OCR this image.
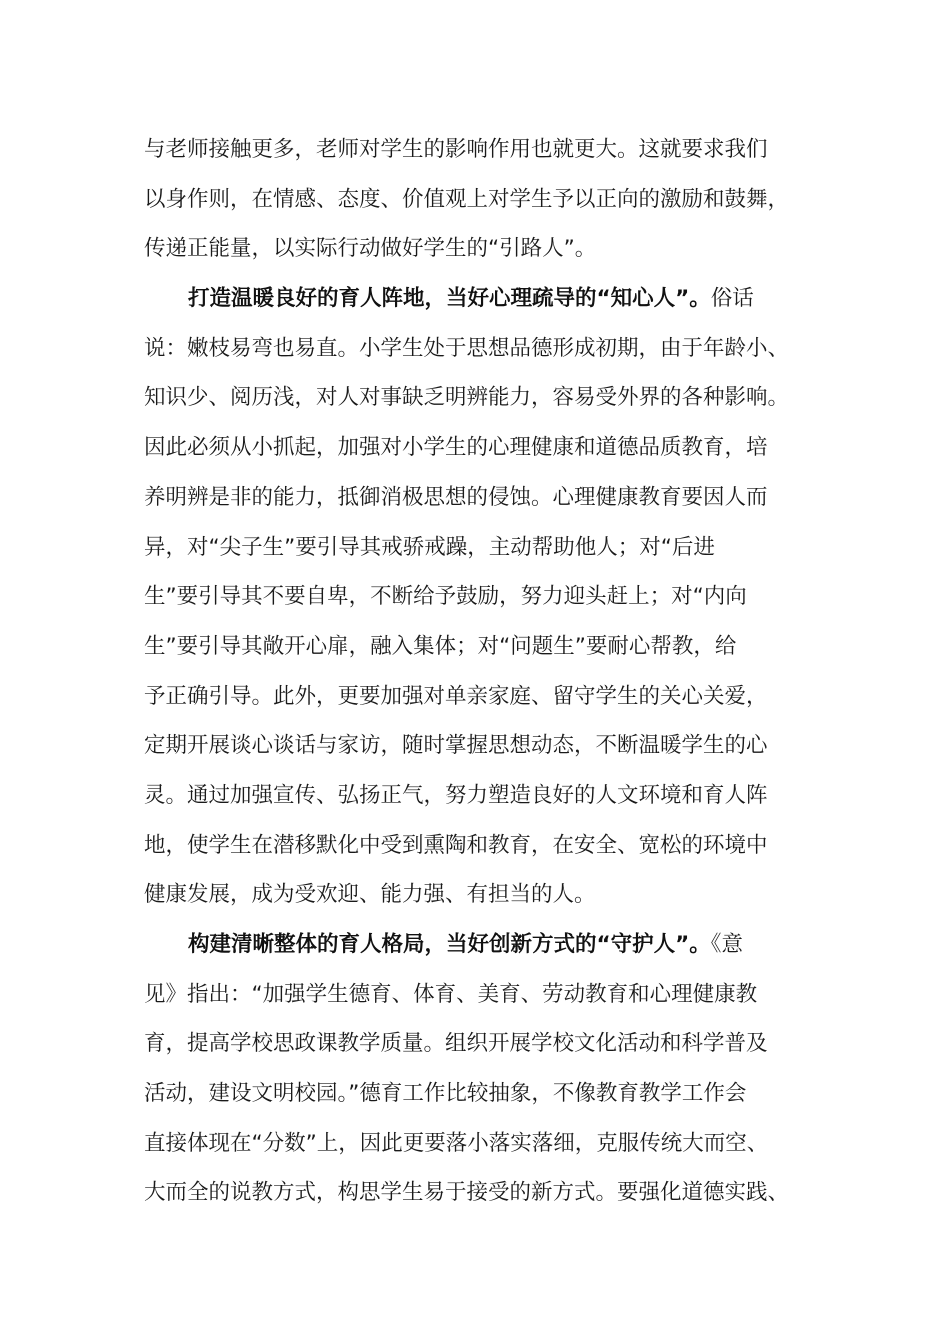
与老师接触更多，老师对学生的影响作用也就更大。这就要求我们
以身作则，在情感、态度、价值观上对学生予以正向的激励和鼓舞，
传递正能量，以实际行动做好学生的“引路人”。
打造温暖良好的育人阵地，当好心理疏导的“知心人”。俗话
说：嫩枝易弯也易直。小学生处于思想品德形成初期，由于年龄小、
知识少、阅历浅，对人对事缺乏明辨能力，容易受外界的各种影响。
因此必须从小抓起，加强对小学生的心理健康和道德品质教育，培
养明辨是非的能力，抵御消极思想的侵蚀。心理健康教育要因人而
异，对“尖子生”要引导其戒骄戒躁，主动帮助他人；对“后进
生”要引导其不要自卑，不断给予鼓励，努力迎头赶上；对“内向
生”要引导其敞开心扉，融入集体；对“问题生”要耐心帮教，给
予正确引导。此外，更要加强对单亲家庭、留守学生的关心关爱，
定期开展谈心谈话与家访，随时掌握思想动态，不断温暖学生的心
灵。通过加强宣传、弘扬正气，努力塑造良好的人文环境和育人阵
地，使学生在潜移默化中受到熏陶和教育，在安全、宽松的环境中
健康发展，成为受欢迎、能力强、有担当的人。
构建清晰整体的育人格局，当好创新方式的“守护人”。《意
见》指出：“加强学生德育、体育、美育、劳动教育和心理健康教
育，提高学校思政课教学质量。组织开展学校文化活动和科学普及
活动，建设文明校园。”德育工作比较抽象，不像教育教学工作会
直接体现在“分数”上，因此更要落小落实落细，克服传统大而空、
大而全的说教方式，构思学生易于接受的新方式。要强化道德实践、
